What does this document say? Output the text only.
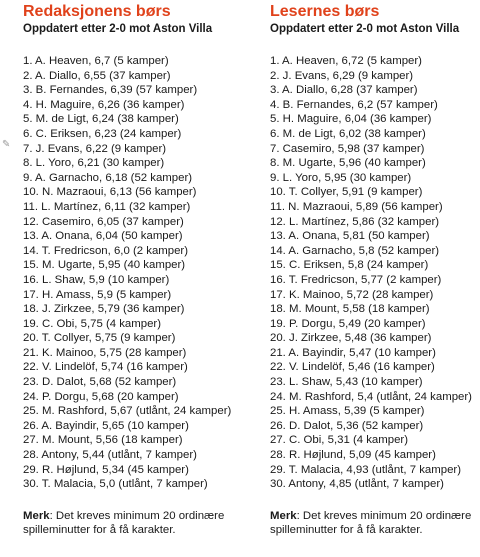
✎
Redaksjonens børs
Oppdatert etter 2-0 mot Aston Villa
1. A. Heaven, 6,7 (5 kamper)
2. A. Diallo, 6,55 (37 kamper)
3. B. Fernandes, 6,39 (57 kamper)
4. H. Maguire, 6,26 (36 kamper)
5. M. de Ligt, 6,24 (38 kamper)
6. C. Eriksen, 6,23 (24 kamper)
7. J. Evans, 6,22 (9 kamper)
8. L. Yoro, 6,21 (30 kamper)
9. A. Garnacho, 6,18 (52 kamper)
10. N. Mazraoui, 6,13 (56 kamper)
11. L. Martínez, 6,11 (32 kamper)
12. Casemiro, 6,05 (37 kamper)
13. A. Onana, 6,04 (50 kamper)
14. T. Fredricson, 6,0 (2 kamper)
15. M. Ugarte, 5,95 (40 kamper)
16. L. Shaw, 5,9 (10 kamper)
17. H. Amass, 5,9 (5 kamper)
18. J. Zirkzee, 5,79 (36 kamper)
19. C. Obi, 5,75 (4 kamper)
20. T. Collyer, 5,75 (9 kamper)
21. K. Mainoo, 5,75 (28 kamper)
22. V. Lindelöf, 5,74 (16 kamper)
23. D. Dalot, 5,68 (52 kamper)
24. P. Dorgu, 5,68 (20 kamper)
25. M. Rashford, 5,67 (utlånt, 24 kamper)
26. A. Bayindir, 5,65 (10 kamper)
27. M. Mount, 5,56 (18 kamper)
28. Antony, 5,44 (utlånt, 7 kamper)
29. R. Højlund, 5,34 (45 kamper)
30. T. Malacia, 5,0 (utlånt, 7 kamper)
Merk: Det kreves minimum 20 ordinære
spilleminutter for å få karakter.
Lesernes børs
Oppdatert etter 2-0 mot Aston Villa
1. A. Heaven, 6,72 (5 kamper)
2. J. Evans, 6,29 (9 kamper)
3. A. Diallo, 6,28 (37 kamper)
4. B. Fernandes, 6,2 (57 kamper)
5. H. Maguire, 6,04 (36 kamper)
6. M. de Ligt, 6,02 (38 kamper)
7. Casemiro, 5,98 (37 kamper)
8. M. Ugarte, 5,96 (40 kamper)
9. L. Yoro, 5,95 (30 kamper)
10. T. Collyer, 5,91 (9 kamper)
11. N. Mazraoui, 5,89 (56 kamper)
12. L. Martínez, 5,86 (32 kamper)
13. A. Onana, 5,81 (50 kamper)
14. A. Garnacho, 5,8 (52 kamper)
15. C. Eriksen, 5,8 (24 kamper)
16. T. Fredricson, 5,77 (2 kamper)
17. K. Mainoo, 5,72 (28 kamper)
18. M. Mount, 5,58 (18 kamper)
19. P. Dorgu, 5,49 (20 kamper)
20. J. Zirkzee, 5,48 (36 kamper)
21. A. Bayindir, 5,47 (10 kamper)
22. V. Lindelöf, 5,46 (16 kamper)
23. L. Shaw, 5,43 (10 kamper)
24. M. Rashford, 5,4 (utlånt, 24 kamper)
25. H. Amass, 5,39 (5 kamper)
26. D. Dalot, 5,36 (52 kamper)
27. C. Obi, 5,31 (4 kamper)
28. R. Højlund, 5,09 (45 kamper)
29. T. Malacia, 4,93 (utlånt, 7 kamper)
30. Antony, 4,85 (utlånt, 7 kamper)
Merk: Det kreves minimum 20 ordinære
spilleminutter for å få karakter.
